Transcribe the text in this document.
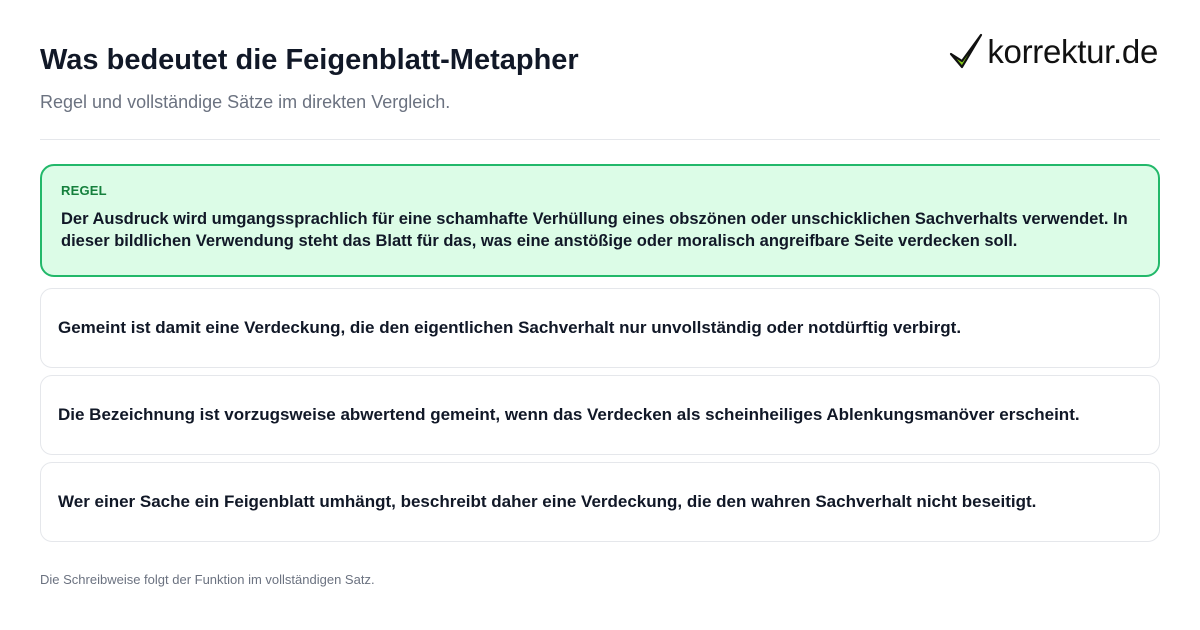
Was bedeutet die Feigenblatt-Metapher

Regel und vollständige Sätze im direkten Vergleich.

korrektur.de
REGEL

Der Ausdruck wird umgangssprachlich für eine schamhafte Verhüllung eines obszönen oder unschicklichen Sachverhalts verwendet. In dieser bildlichen Verwendung steht das Blatt für das, was eine anstößige oder moralisch angreifbare Seite verdecken soll.

Gemeint ist damit eine Verdeckung, die den eigentlichen Sachverhalt nur unvollständig oder notdürftig verbirgt.

Die Bezeichnung ist vorzugsweise abwertend gemeint, wenn das Verdecken als scheinheiliges Ablenkungsmanöver erscheint.

Wer einer Sache ein Feigenblatt umhängt, beschreibt daher eine Verdeckung, die den wahren Sachverhalt nicht beseitigt.

Die Schreibweise folgt der Funktion im vollständigen Satz.
